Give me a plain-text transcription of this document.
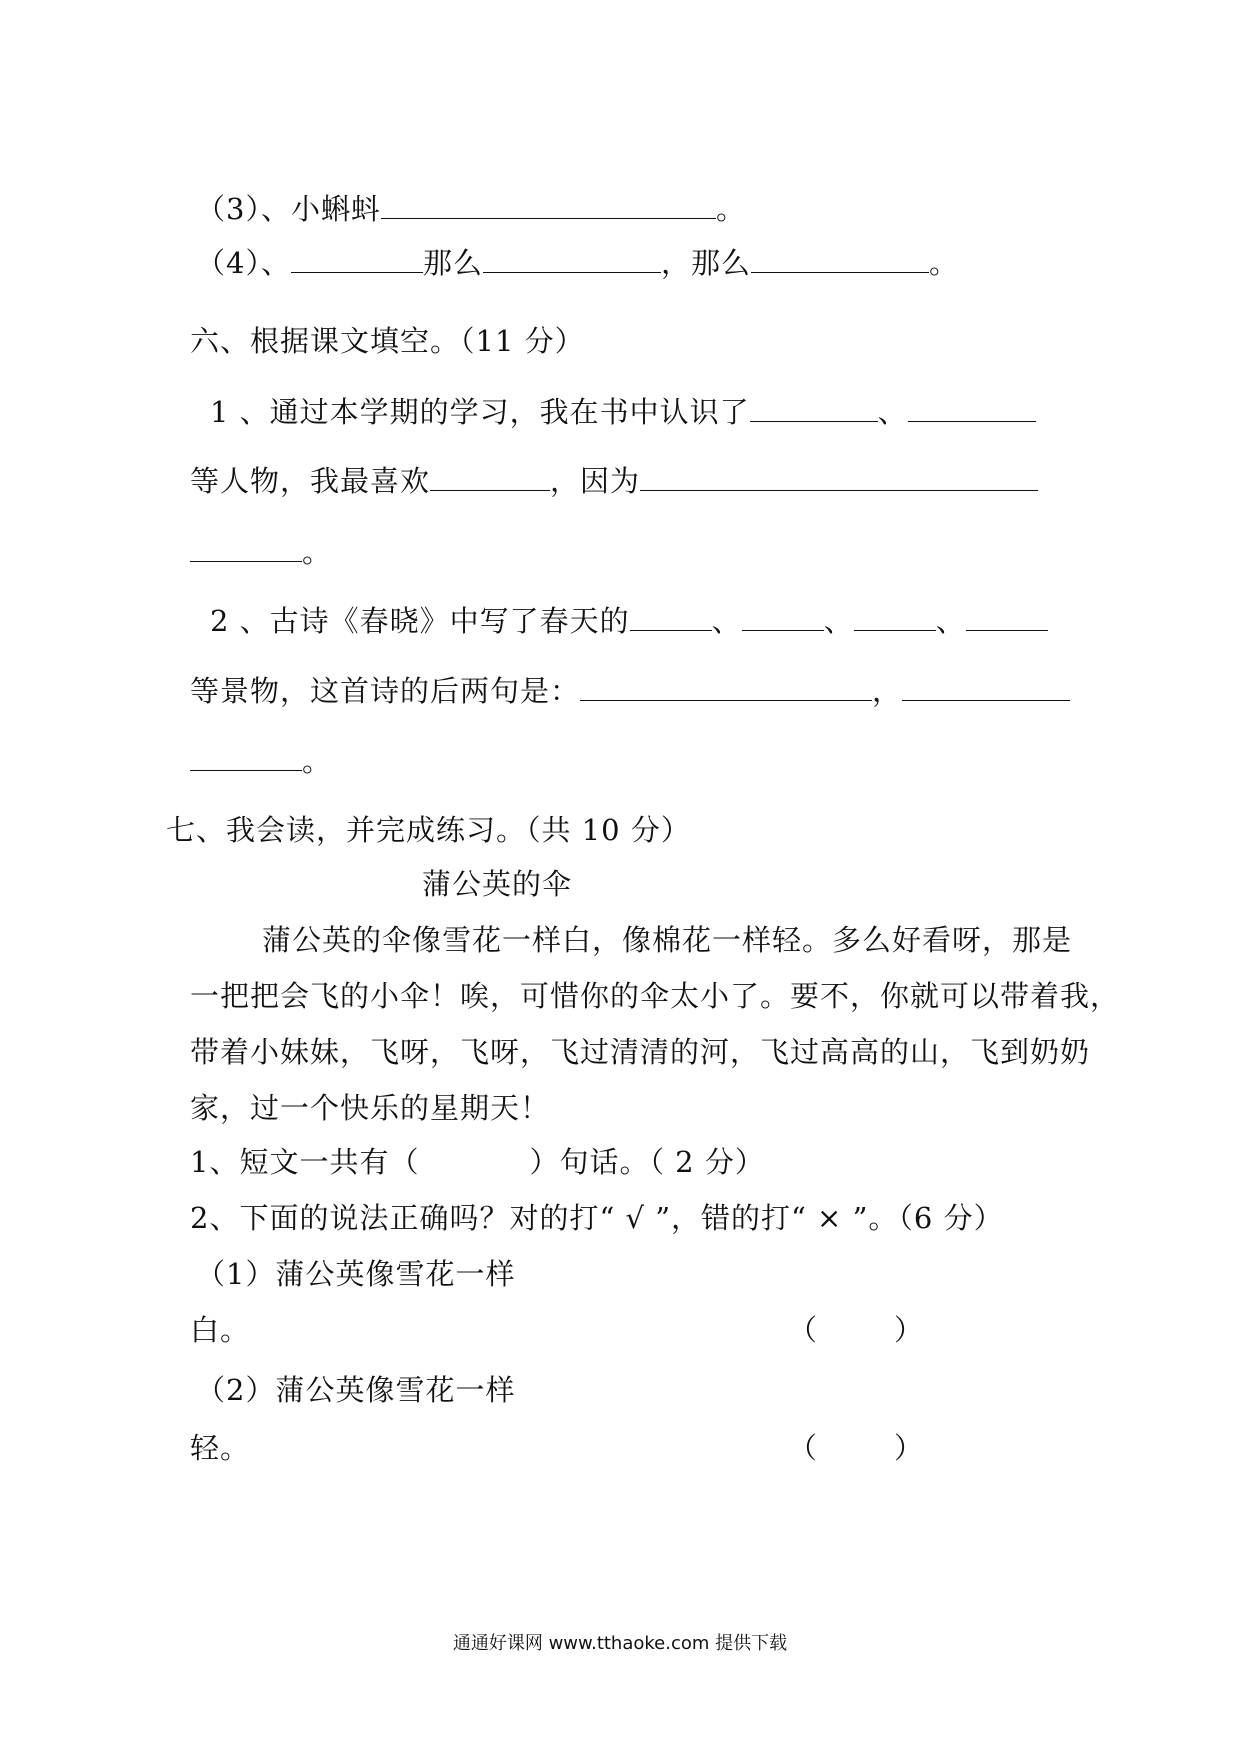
（3）、小蝌蚪	。
（4）、	那么	，那么	。
六、根据课文填空。（11 分）
1 、通过本学期的学习，我在书中认识了	、
等人物，我最喜欢	，因为
。
2 、古诗《春晓》中写了春天的	、	、	、
等景物，这首诗的后两句是：	，
。
七、我会读，并完成练习。（共 10 分）
蒲公英的伞
蒲公英的伞像雪花一样白，像棉花一样轻。多么好看呀，那是
一把把会飞的小伞！唉，可惜你的伞太小了。要不，你就可以带着我，
带着小妹妹，飞呀，飞呀，飞过清清的河，飞过高高的山，飞到奶奶
家，过一个快乐的星期天！
1、短文一共有（	）句话。（ 2 分）
2、下面的说法正确吗？对的打“ √ ”，错的打“ × ”。（6 分）
（1）蒲公英像雪花一样
白。	（	）
（2）蒲公英像雪花一样
轻。	（	）
通通好课网 www.tthaoke.com 提供下载
